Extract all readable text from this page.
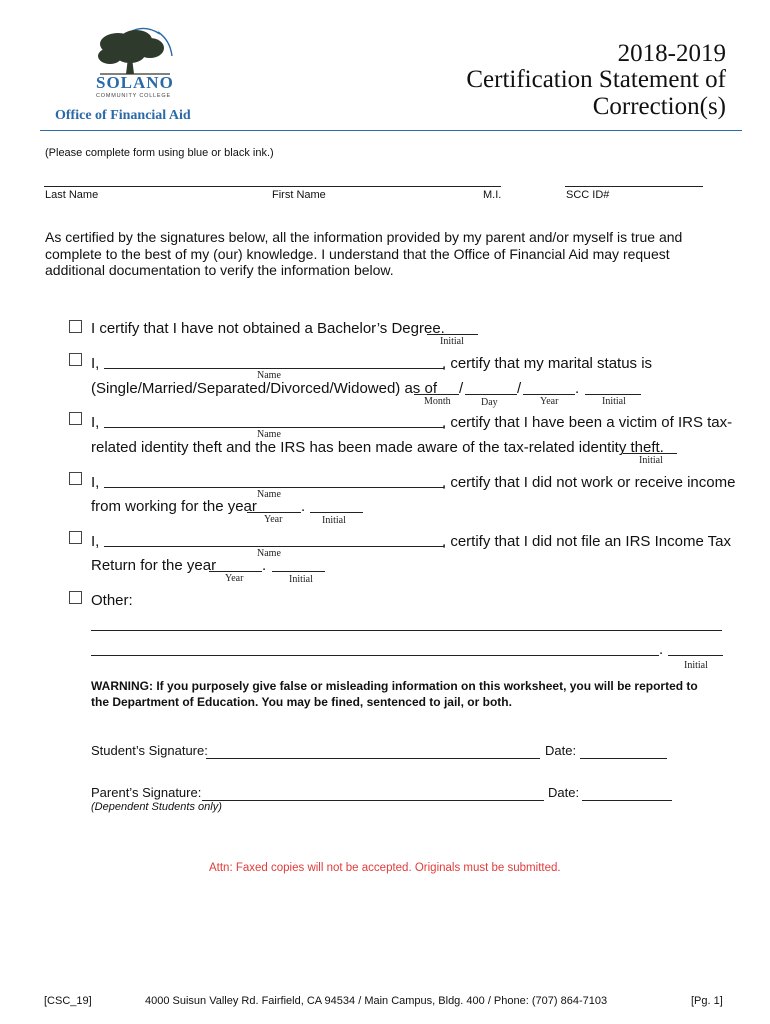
SOLANO
COMMUNITY COLLEGE
Office of Financial Aid
2018-2019
Certification Statement of
Correction(s)
(Please complete form using blue or black ink.)
Last Name	First Name	M.I.	SCC ID#
As certified by the signatures below, all the information provided by my parent and/or myself is true and
complete to the best of my (our) knowledge. I understand that the Office of Financial Aid may request
additional documentation to verify the information below.
I certify that I have not obtained a Bachelor’s Degree.
Initial
I,	, certify that my marital status is
Name
(Single/Married/Separated/Divorced/Widowed) as of /	/	.
Month	Day	Year	Initial
I,	, certify that I have been a victim of IRS tax-
Name
related identity theft and the IRS has been made aware of the tax-related identity theft.
Initial
I,	, certify that I did not work or receive income
Name
from working for the year	.
Year	Initial
I,	, certify that I did not file an IRS Income Tax
Name
Return for the year	.
Year	Initial
Other:
.
Initial
WARNING: If you purposely give false or misleading information on this worksheet, you will be reported to
the Department of Education. You may be fined, sentenced to jail, or both.
Student’s Signature:	Date:
Parent’s Signature:	Date:
(Dependent Students only)
Attn: Faxed copies will not be accepted. Originals must be submitted.
[CSC_19]	4000 Suisun Valley Rd. Fairfield, CA 94534 / Main Campus, Bldg. 400 / Phone: (707) 864-7103	[Pg. 1]
